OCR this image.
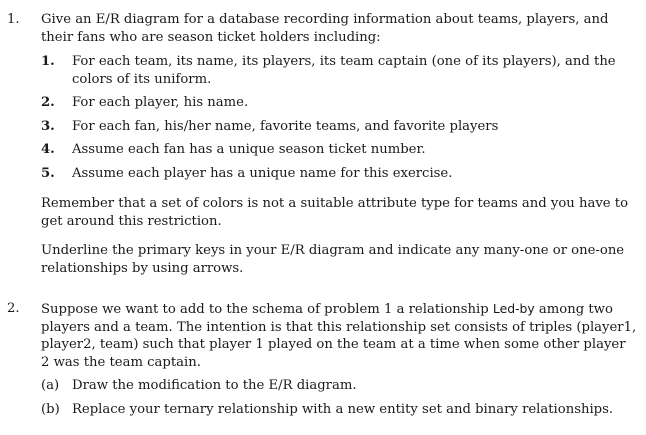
1. Give an E/R diagram for a database recording information about teams, players, and their fans who are season ticket holders including:

1. For each team, its name, its players, its team captain (one of its players), and the colors of its uniform.
2. For each player, his name.
3. For each fan, his/her name, favorite teams, and favorite players
4. Assume each fan has a unique season ticket number.
5. Assume each player has a unique name for this exercise.

Remember that a set of colors is not a suitable attribute type for teams and you have to get around this restriction.

Underline the primary keys in your E/R diagram and indicate any many-one or one-one relationships by using arrows.

2. Suppose we want to add to the schema of problem 1 a relationship Led-by among two players and a team. The intention is that this relationship set consists of triples (player1, player2, team) such that player 1 played on the team at a time when some other player 2 was the team captain.

(a) Draw the modification to the E/R diagram.
(b) Replace your ternary relationship with a new entity set and binary relationships.
